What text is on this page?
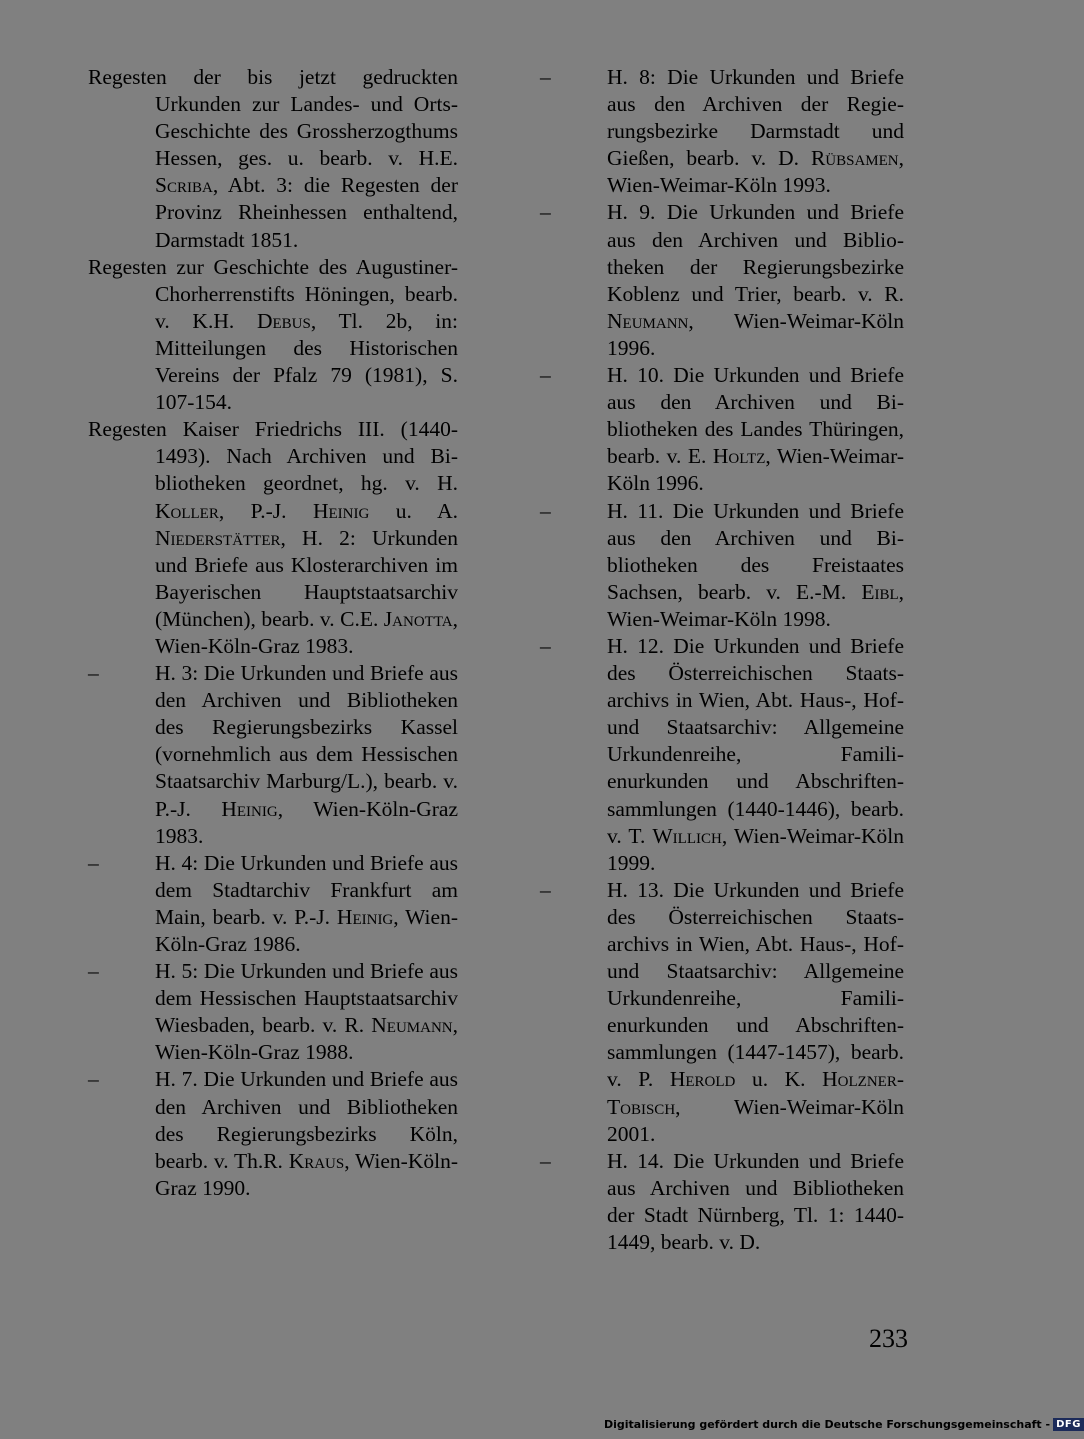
Regesten der bis jetzt gedruckten Urkunden zur Landes- und Orts-Geschichte des Grossherzogthums Hessen, ges. u. bearb. v. H.E. Scriba, Abt. 3: die Regesten der Provinz Rheinhessen enthaltend, Darmstadt 1851.

Regesten zur Geschichte des Augustiner-Chorherrenstifts Höningen, bearb. v. K.H. Debus, Tl. 2b, in: Mitteilungen des Historischen Vereins der Pfalz 79 (1981), S. 107-154.

Regesten Kaiser Friedrichs III. (1440-1493). Nach Archiven und Bibliotheken geordnet, hg. v. H. Koller, P.-J. Heinig u. A. Niederstätter, H. 2: Urkunden und Briefe aus Klosterarchiven im Bayerischen Hauptstaatsarchiv (München), bearb. v. C.E. Janotta, Wien-Köln-Graz 1983.

–	H. 3: Die Urkunden und Briefe aus den Archiven und Bibliotheken des Regierungsbezirks Kassel (vornehmlich aus dem Hessischen Staatsarchiv Marburg/L.), bearb. v. P.-J. Heinig, Wien-Köln-Graz 1983.

–	H. 4: Die Urkunden und Briefe aus dem Stadtarchiv Frankfurt am Main, bearb. v. P.-J. Heinig, Wien-Köln-Graz 1986.

–	H. 5: Die Urkunden und Briefe aus dem Hessischen Hauptstaatsarchiv Wiesbaden, bearb. v. R. Neumann, Wien-Köln-Graz 1988.

–	H. 7. Die Urkunden und Briefe aus den Archiven und Bibliotheken des Regierungsbezirks Köln, bearb. v. Th.R. Kraus, Wien-Köln-Graz 1990.

–	H. 8: Die Urkunden und Briefe aus den Archiven der Regierungsbezirke Darmstadt und Gießen, bearb. v. D. Rübsamen, Wien-Weimar-Köln 1993.

–	H. 9. Die Urkunden und Briefe aus den Archiven und Bibliotheken der Regierungsbezirke Koblenz und Trier, bearb. v. R. Neumann, Wien-Weimar-Köln 1996.

–	H. 10. Die Urkunden und Briefe aus den Archiven und Bibliotheken des Landes Thüringen, bearb. v. E. Holtz, Wien-Weimar-Köln 1996.

–	H. 11. Die Urkunden und Briefe aus den Archiven und Bibliotheken des Freistaates Sachsen, bearb. v. E.-M. Eibl, Wien-Weimar-Köln 1998.

–	H. 12. Die Urkunden und Briefe des Österreichischen Staatsarchivs in Wien, Abt. Haus-, Hof- und Staatsarchiv: Allgemeine Urkundenreihe, Familienurkunden und Abschriftensammlungen (1440-1446), bearb. v. T. Willich, Wien-Weimar-Köln 1999.

–	H. 13. Die Urkunden und Briefe des Österreichischen Staatsarchivs in Wien, Abt. Haus-, Hof- und Staatsarchiv: Allgemeine Urkundenreihe, Familienurkunden und Abschriftensammlungen (1447-1457), bearb. v. P. Herold u. K. Holzner-Tobisch, Wien-Weimar-Köln 2001.

–	H. 14. Die Urkunden und Briefe aus Archiven und Bibliotheken der Stadt Nürnberg, Tl. 1: 1440-1449, bearb. v. D.

233
Digitalisierung gefördert durch die Deutsche Forschungsgemeinschaft - DFG
